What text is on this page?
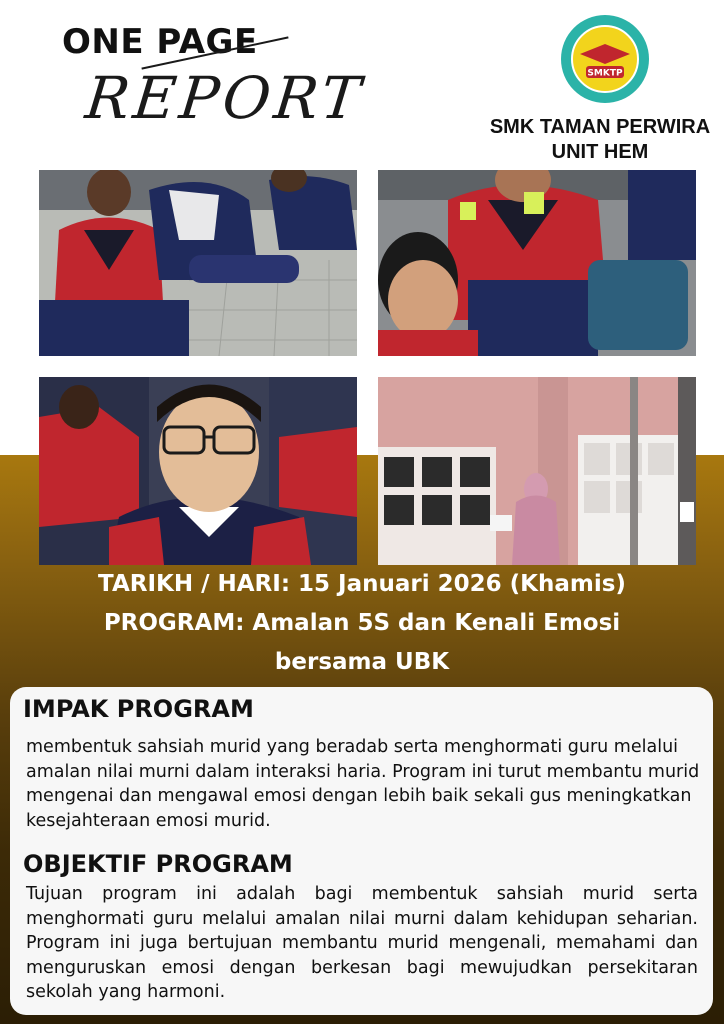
ONE PAGE
REPORT	SMKTP
SMK TAMAN PERWIRA
UNIT HEM
TARIKH / HARI: 15 Januari 2026 (Khamis)
PROGRAM: Amalan 5S dan Kenali Emosi
bersama UBK
IMPAK PROGRAM
membentuk sahsiah murid yang beradab serta menghormati guru melalui amalan nilai murni dalam interaksi haria. Program ini turut membantu murid mengenai dan mengawal emosi dengan lebih baik sekali gus meningkatkan kesejahteraan emosi murid.
OBJEKTIF PROGRAM
Tujuan program ini adalah bagi membentuk sahsiah murid serta menghormati guru melalui amalan nilai murni dalam kehidupan seharian. Program ini juga bertujuan membantu murid mengenali, memahami dan menguruskan emosi dengan berkesan bagi mewujudkan persekitaran sekolah yang harmoni.
